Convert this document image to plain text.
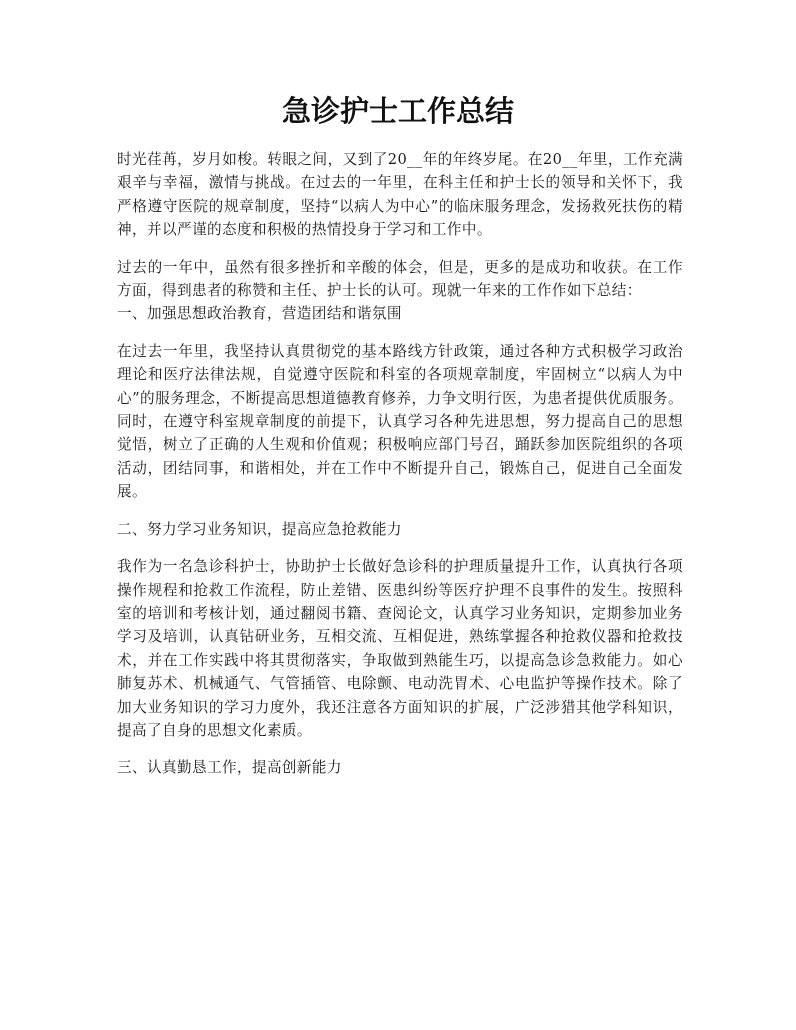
急诊护士工作总结

时光荏苒，岁月如梭。转眼之间，又到了20__年的年终岁尾。在20__年里，工作充满艰辛与幸福，激情与挑战。在过去的一年里，在科主任和护士长的领导和关怀下，我严格遵守医院的规章制度，坚持“以病人为中心”的临床服务理念，发扬救死扶伤的精神，并以严谨的态度和积极的热情投身于学习和工作中。

过去的一年中，虽然有很多挫折和辛酸的体会，但是，更多的是成功和收获。在工作方面，得到患者的称赞和主任、护士长的认可。现就一年来的工作作如下总结：

一、加强思想政治教育，营造团结和谐氛围

在过去一年里，我坚持认真贯彻党的基本路线方针政策，通过各种方式积极学习政治理论和医疗法律法规，自觉遵守医院和科室的各项规章制度，牢固树立“以病人为中心”的服务理念，不断提高思想道德教育修养，力争文明行医，为患者提供优质服务。同时，在遵守科室规章制度的前提下，认真学习各种先进思想，努力提高自己的思想觉悟，树立了正确的人生观和价值观；积极响应部门号召，踊跃参加医院组织的各项活动，团结同事，和谐相处，并在工作中不断提升自己，锻炼自己，促进自己全面发展。

二、努力学习业务知识，提高应急抢救能力

我作为一名急诊科护士，协助护士长做好急诊科的护理质量提升工作，认真执行各项操作规程和抢救工作流程，防止差错、医患纠纷等医疗护理不良事件的发生。按照科室的培训和考核计划，通过翻阅书籍、查阅论文，认真学习业务知识，定期参加业务学习及培训，认真钻研业务，互相交流、互相促进，熟练掌握各种抢救仪器和抢救技术，并在工作实践中将其贯彻落实，争取做到熟能生巧，以提高急诊急救能力。如心肺复苏术、机械通气、气管插管、电除颤、电动洗胃术、心电监护等操作技术。除了加大业务知识的学习力度外，我还注意各方面知识的扩展，广泛涉猎其他学科知识，提高了自身的思想文化素质。

三、认真勤恳工作，提高创新能力
